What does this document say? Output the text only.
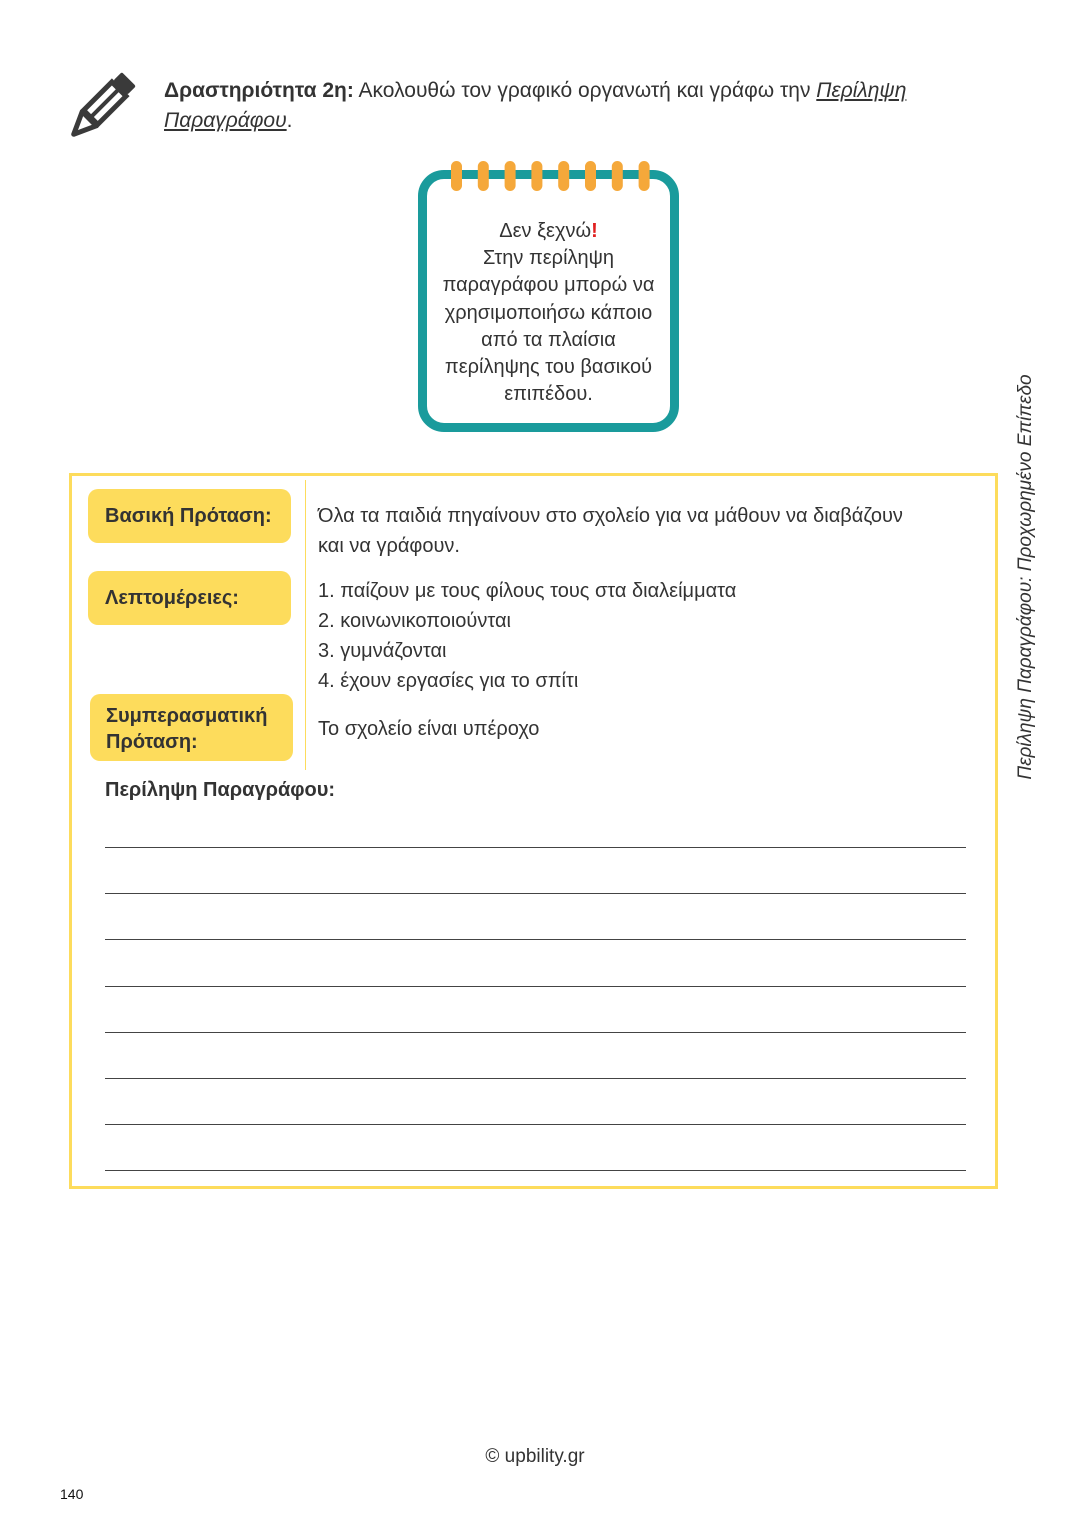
Δραστηριότητα 2η: Ακολουθώ τον γραφικό οργανωτή και γράφω την Περίληψη Παραγράφου.
Δεν ξεχνώ!
Στην περίληψη παραγράφου μπορώ να χρησιμοποιήσω κάποιο από τα πλαίσια περίληψης του βασικού επιπέδου.
Βασική Πρόταση:	Όλα τα παιδιά πηγαίνουν στο σχολείο για να μάθουν να διαβάζουν και να γράφουν.
Λεπτομέρειες:	1. παίζουν με τους φίλους τους στα διαλείμματα
2. κοινωνικοποιούνται
3. γυμνάζονται
4. έχουν εργασίες για το σπίτι
Συμπερασματική Πρόταση:
Το σχολείο είναι υπέροχο
Περίληψη Παραγράφου:
Περίληψη Παραγράφου: Προχωρημένο Επίπεδο
© upbility.gr
140
